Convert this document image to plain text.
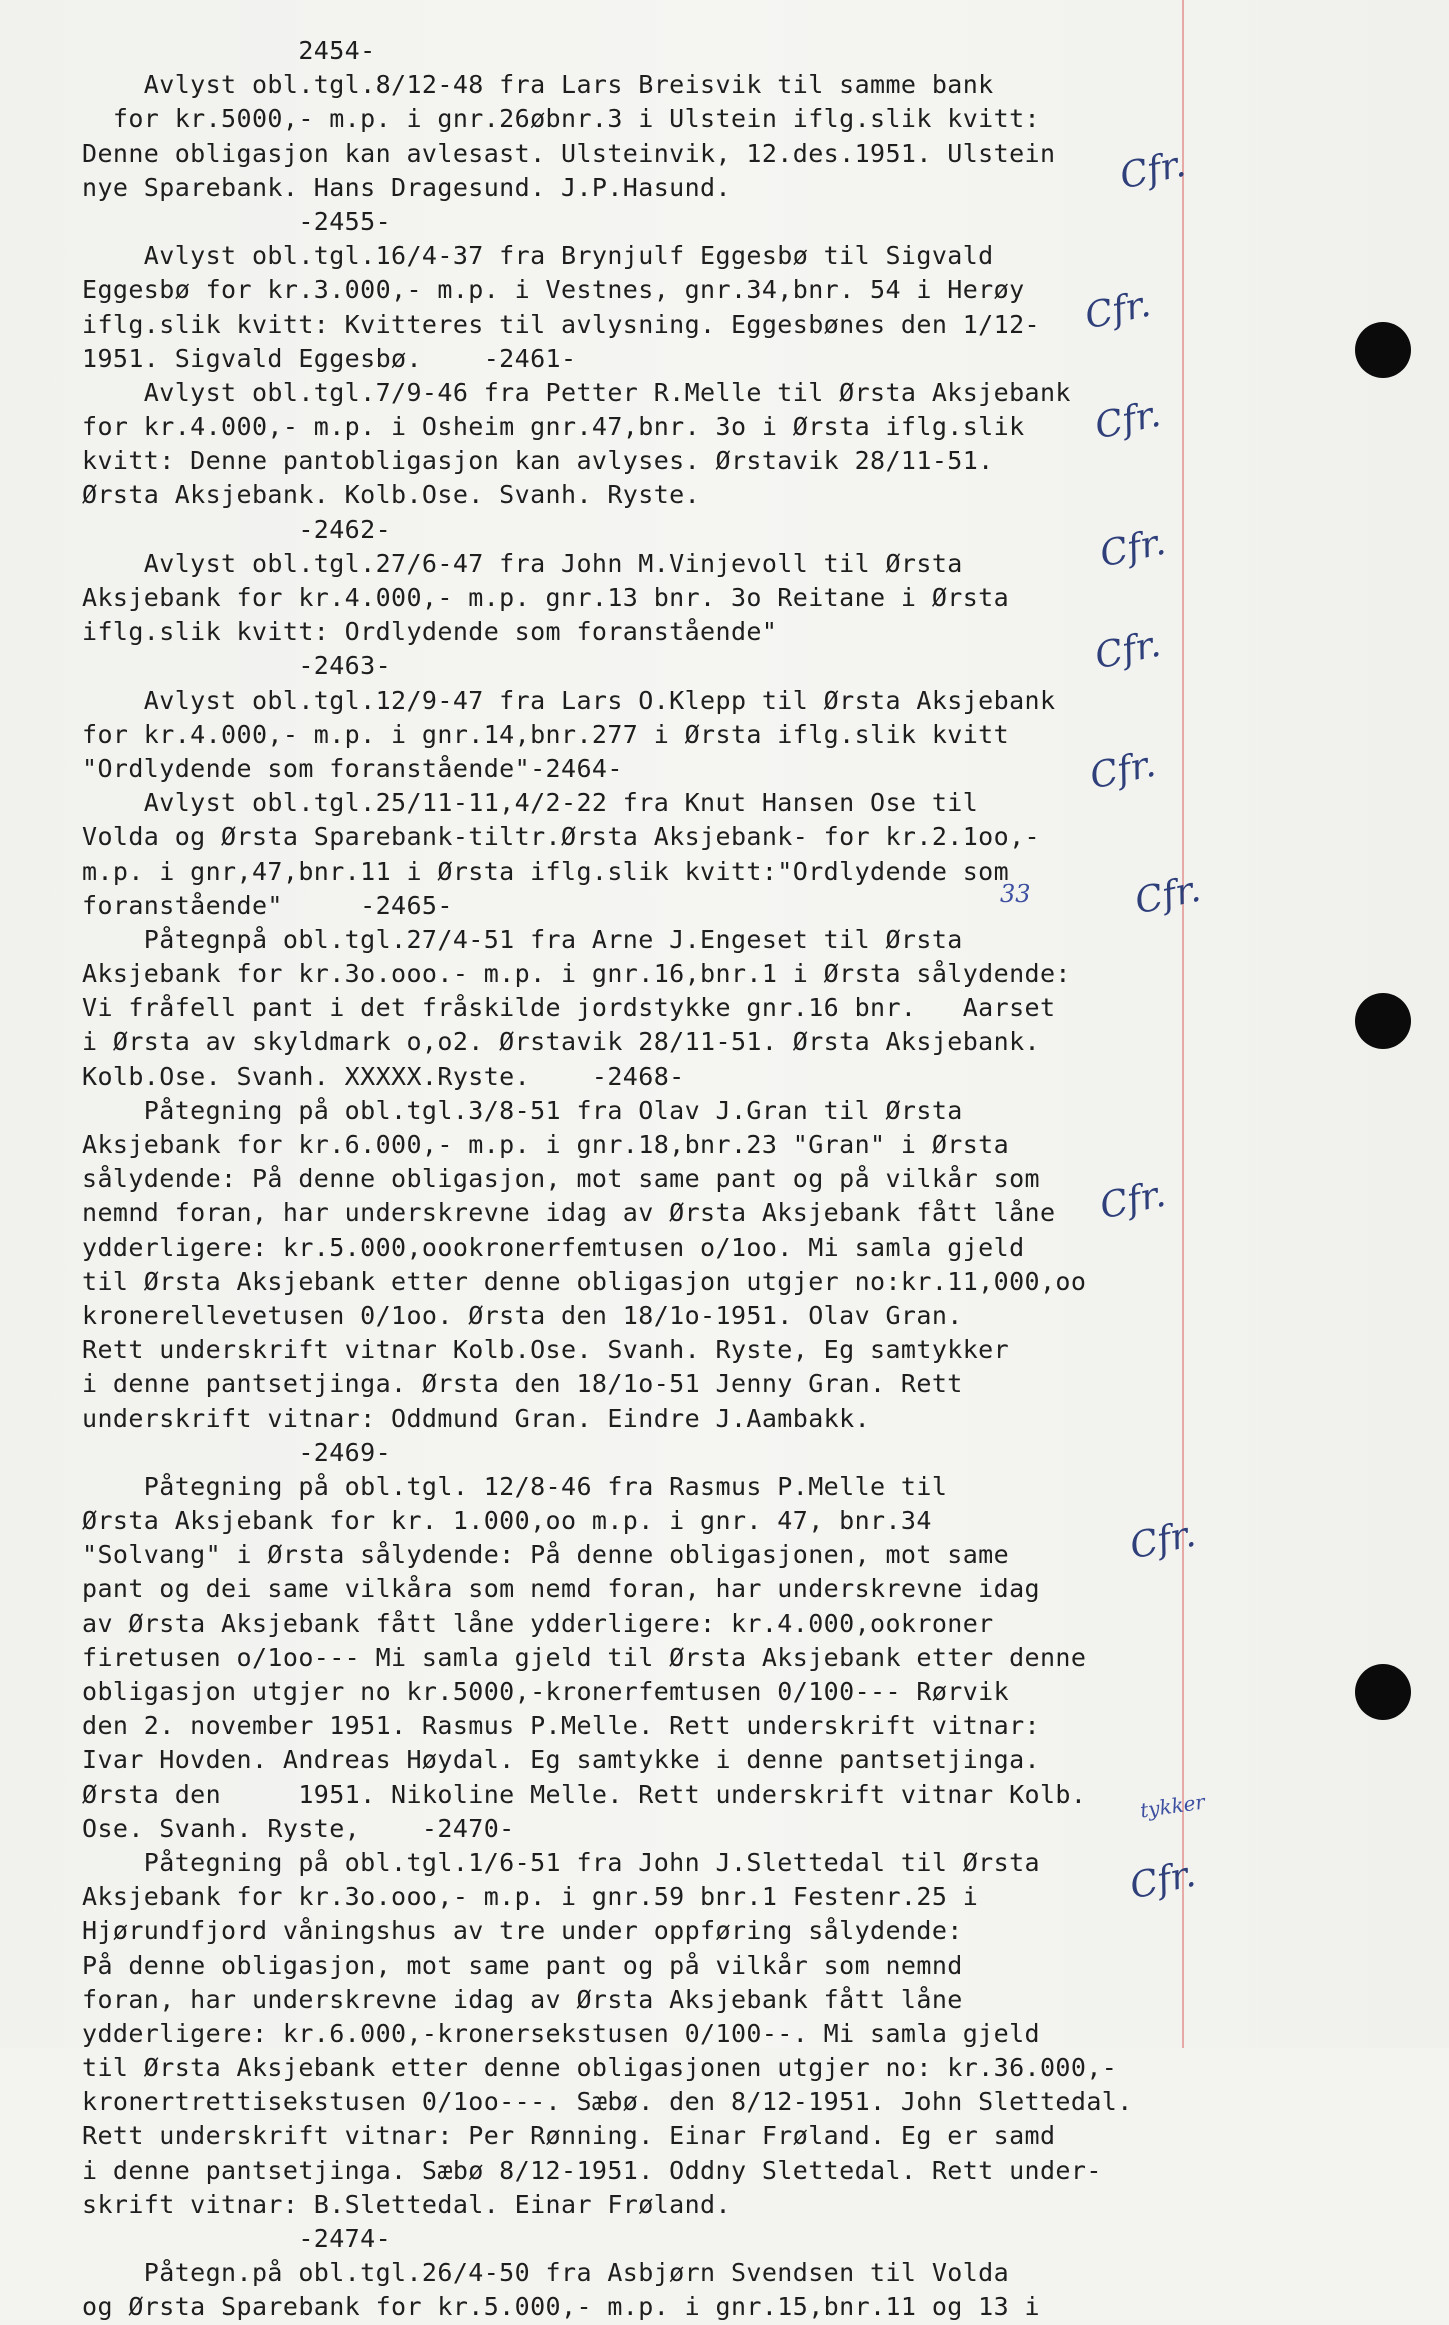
2454-
Avlyst obl.tgl.8/12-48 fra Lars Breisvik til samme bank
for kr.5000,- m.p. i gnr.26øbnr.3 i Ulstein iflg.slik kvitt:
Denne obligasjon kan avlesast. Ulsteinvik, 12.des.1951. Ulstein
nye Sparebank. Hans Dragesund. J.P.Hasund.
-2455-
Avlyst obl.tgl.16/4-37 fra Brynjulf Eggesbø til Sigvald
Eggesbø for kr.3.000,- m.p. i Vestnes, gnr.34,bnr. 54 i Herøy
iflg.slik kvitt: Kvitteres til avlysning. Eggesbønes den 1/12-
1951. Sigvald Eggesbø.    -2461-
Avlyst obl.tgl.7/9-46 fra Petter R.Melle til Ørsta Aksjebank
for kr.4.000,- m.p. i Osheim gnr.47,bnr. 3o i Ørsta iflg.slik
kvitt: Denne pantobligasjon kan avlyses. Ørstavik 28/11-51.
Ørsta Aksjebank. Kolb.Ose. Svanh. Ryste.
-2462-
Avlyst obl.tgl.27/6-47 fra John M.Vinjevoll til Ørsta
Aksjebank for kr.4.000,- m.p. gnr.13 bnr. 3o Reitane i Ørsta
iflg.slik kvitt: Ordlydende som foranstående"
-2463-
Avlyst obl.tgl.12/9-47 fra Lars O.Klepp til Ørsta Aksjebank
for kr.4.000,- m.p. i gnr.14,bnr.277 i Ørsta iflg.slik kvitt
"Ordlydende som foranstående"-2464-
Avlyst obl.tgl.25/11-11,4/2-22 fra Knut Hansen Ose til
Volda og Ørsta Sparebank-tiltr.Ørsta Aksjebank- for kr.2.1oo,-
m.p. i gnr,47,bnr.11 i Ørsta iflg.slik kvitt:"Ordlydende som
foranstående"     -2465-
Påtegnpå obl.tgl.27/4-51 fra Arne J.Engeset til Ørsta
Aksjebank for kr.3o.ooo.- m.p. i gnr.16,bnr.1 i Ørsta sålydende:
Vi fråfell pant i det fråskilde jordstykke gnr.16 bnr.   Aarset
i Ørsta av skyldmark o,o2. Ørstavik 28/11-51. Ørsta Aksjebank.
Kolb.Ose. Svanh. XXXXX.Ryste.    -2468-
Påtegning på obl.tgl.3/8-51 fra Olav J.Gran til Ørsta
Aksjebank for kr.6.000,- m.p. i gnr.18,bnr.23 "Gran" i Ørsta
sålydende: På denne obligasjon, mot same pant og på vilkår som
nemnd foran, har underskrevne idag av Ørsta Aksjebank fått låne
ydderligere: kr.5.000,oookronerfemtusen o/1oo. Mi samla gjeld
til Ørsta Aksjebank etter denne obligasjon utgjer no:kr.11,000,oo
kronerellevetusen 0/1oo. Ørsta den 18/1o-1951. Olav Gran.
Rett underskrift vitnar Kolb.Ose. Svanh. Ryste, Eg samtykker
i denne pantsetjinga. Ørsta den 18/1o-51 Jenny Gran. Rett
underskrift vitnar: Oddmund Gran. Eindre J.Aambakk.
-2469-
Påtegning på obl.tgl. 12/8-46 fra Rasmus P.Melle til
Ørsta Aksjebank for kr. 1.000,oo m.p. i gnr. 47, bnr.34
"Solvang" i Ørsta sålydende: På denne obligasjonen, mot same
pant og dei same vilkåra som nemd foran, har underskrevne idag
av Ørsta Aksjebank fått låne ydderligere: kr.4.000,ookroner
firetusen o/1oo--- Mi samla gjeld til Ørsta Aksjebank etter denne
obligasjon utgjer no kr.5000,-kronerfemtusen 0/100--- Rørvik
den 2. november 1951. Rasmus P.Melle. Rett underskrift vitnar:
Ivar Hovden. Andreas Høydal. Eg samtykke i denne pantsetjinga.
Ørsta den     1951. Nikoline Melle. Rett underskrift vitnar Kolb.
Ose. Svanh. Ryste,    -2470-
Påtegning på obl.tgl.1/6-51 fra John J.Slettedal til Ørsta
Aksjebank for kr.3o.ooo,- m.p. i gnr.59 bnr.1 Festenr.25 i
Hjørundfjord våningshus av tre under oppføring sålydende:
På denne obligasjon, mot same pant og på vilkår som nemnd
foran, har underskrevne idag av Ørsta Aksjebank fått låne
ydderligere: kr.6.000,-kronersekstusen 0/100--. Mi samla gjeld
til Ørsta Aksjebank etter denne obligasjonen utgjer no: kr.36.000,-
kronertrettisekstusen 0/1oo---. Sæbø. den 8/12-1951. John Slettedal.
Rett underskrift vitnar: Per Rønning. Einar Frøland. Eg er samd
i denne pantsetjinga. Sæbø 8/12-1951. Oddny Slettedal. Rett under-
skrift vitnar: B.Slettedal. Einar Frøland.
-2474-
Påtegn.på obl.tgl.26/4-50 fra Asbjørn Svendsen til Volda
og Ørsta Sparebank for kr.5.000,- m.p. i gnr.15,bnr.11 og 13 i
Cfr.
Cfr.
Cfr.
Cfr.
Cfr.
Cfr.
Cfr.
Cfr.
Cfr.
Cfr.
33
tykker
